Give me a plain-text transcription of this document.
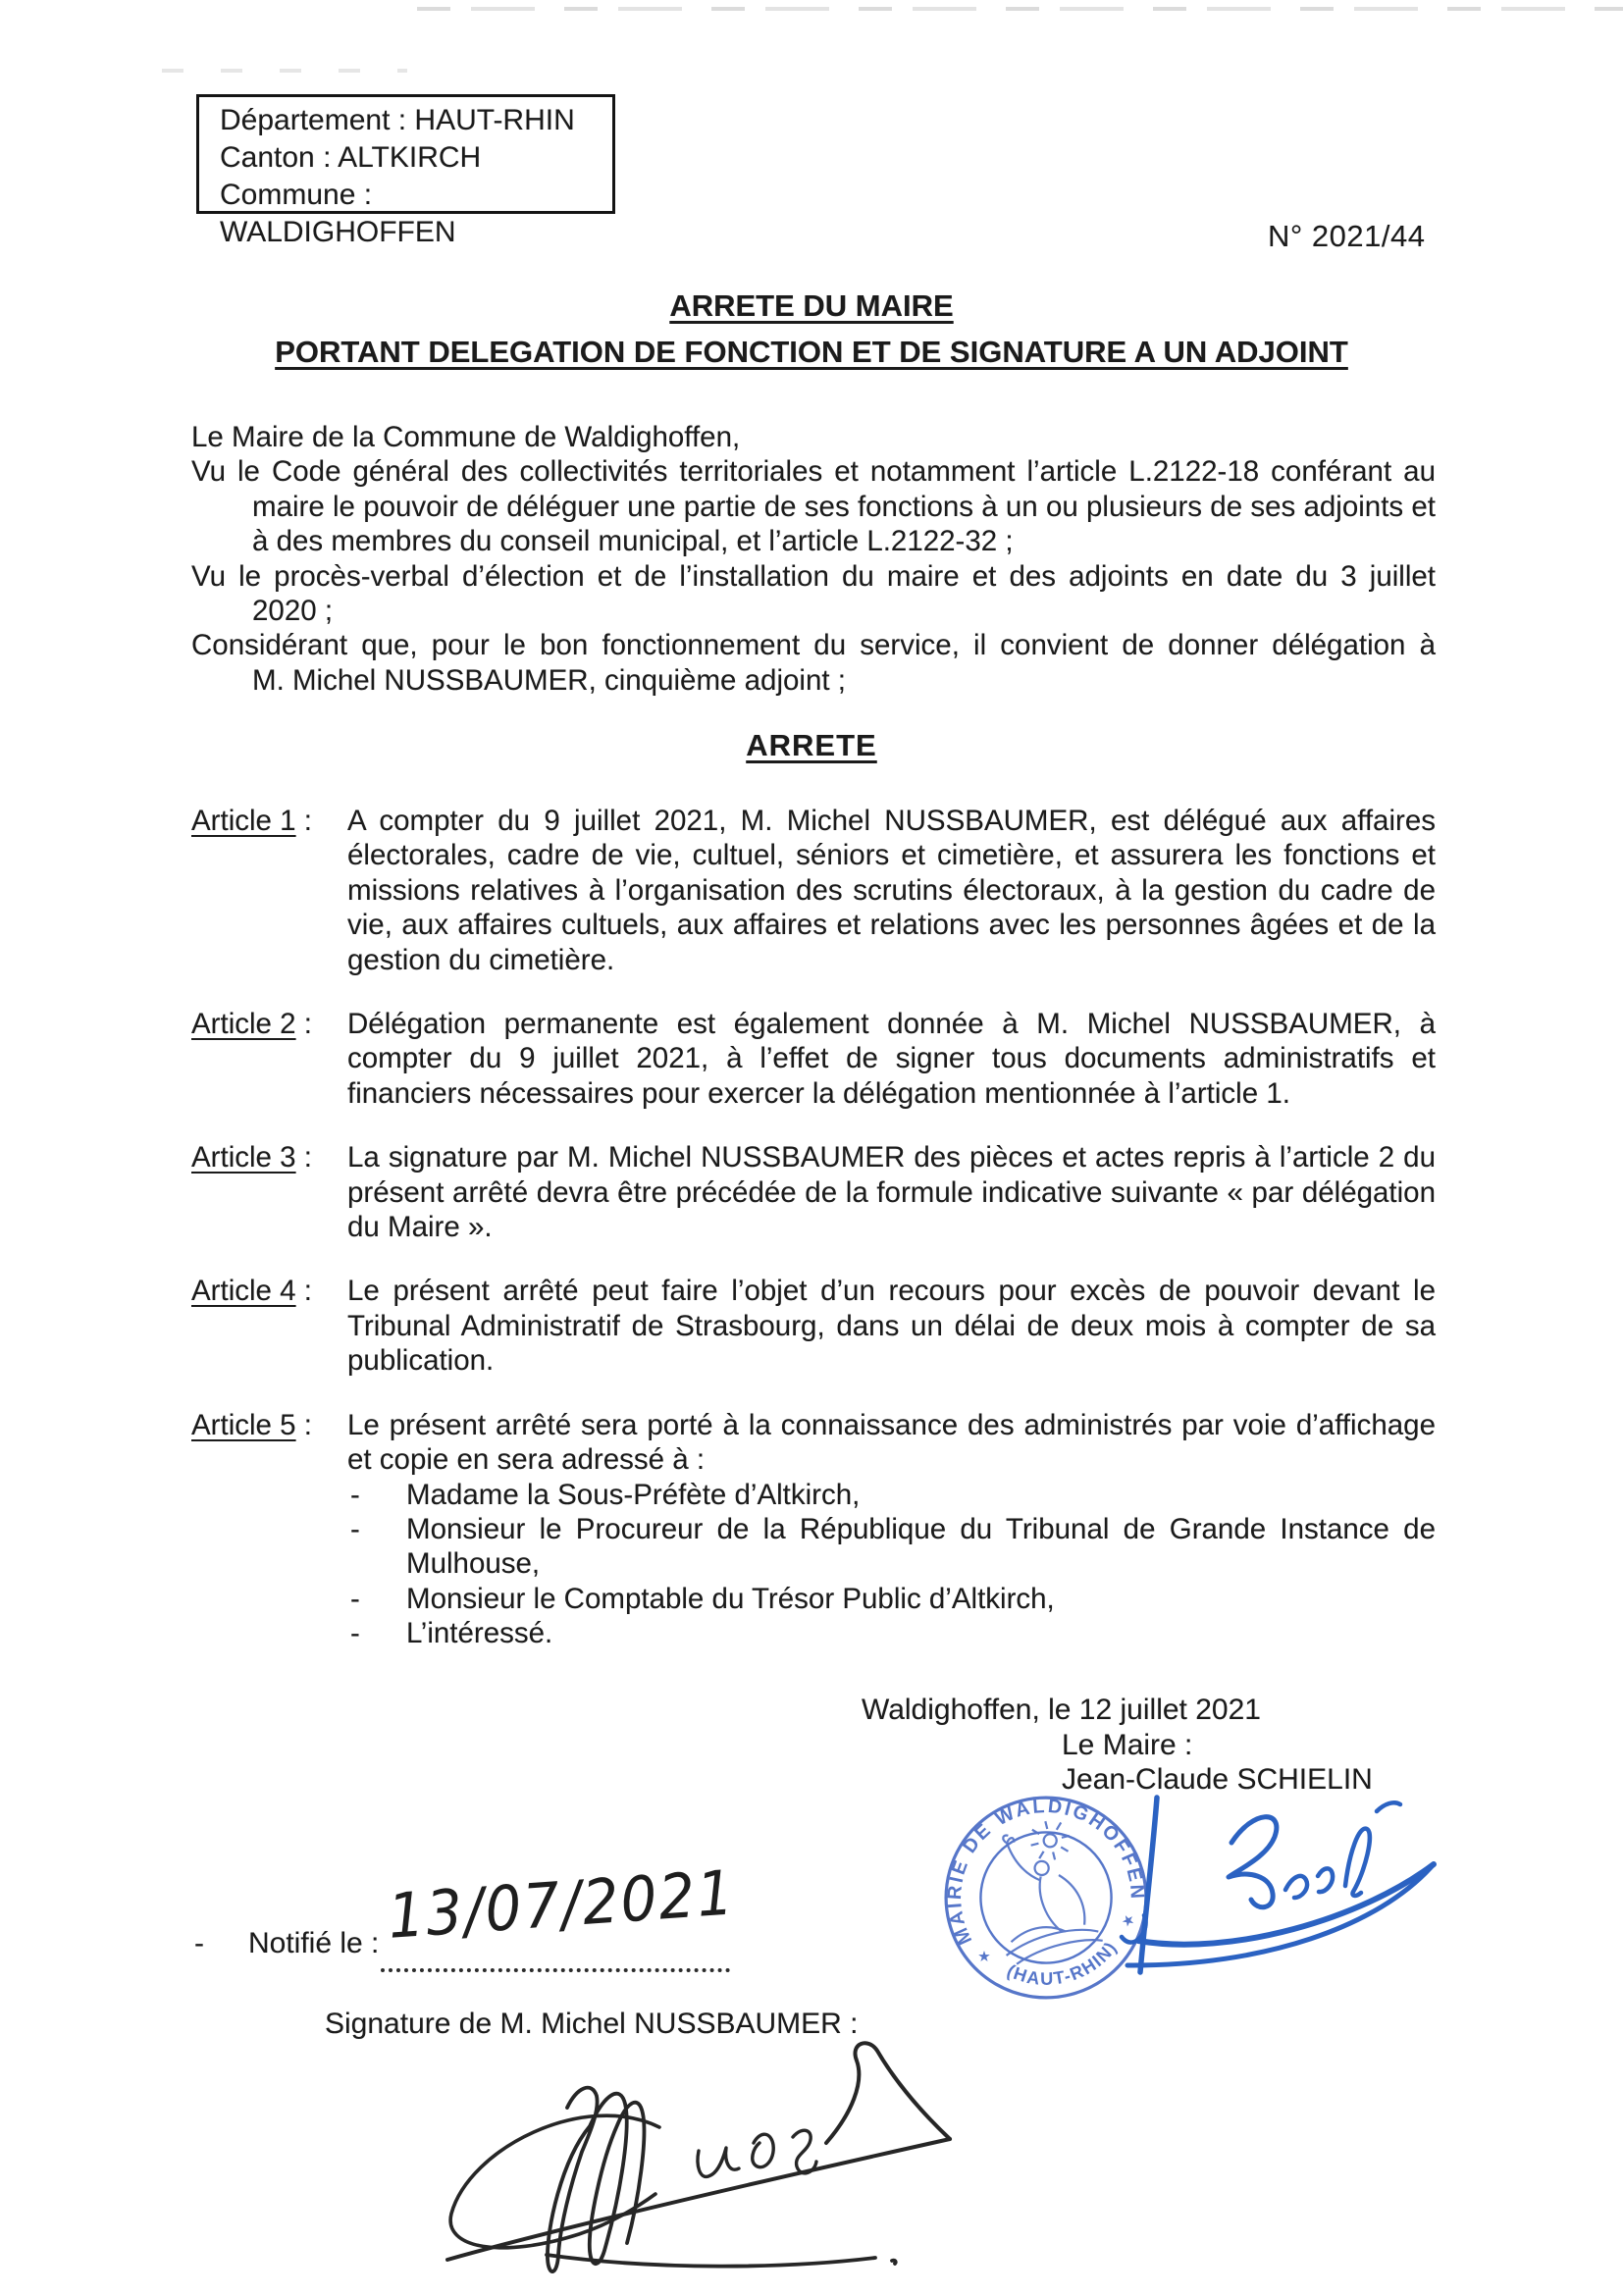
Département : HAUT-RHIN
Canton : ALTKIRCH
Commune : WALDIGHOFFEN	N° 2021/44
ARRETE DU MAIRE
PORTANT DELEGATION DE FONCTION ET DE SIGNATURE A UN ADJOINT

Le Maire de la Commune de Waldighoffen,

Vu le Code général des collectivités territoriales et notamment l’article L.2122-18 conférant au maire le pouvoir de déléguer une partie de ses fonctions à un ou plusieurs de ses adjoints et à des membres du conseil municipal, et l’article L.2122-32 ;

Vu le procès-verbal d’élection et de l’installation du maire et des adjoints en date du 3 juillet 2020 ;

Considérant que, pour le bon fonctionnement du service, il convient de donner délégation à M. Michel NUSSBAUMER, cinquième adjoint ;

ARRETE
Article 1 :	A compter du 9 juillet 2021, M. Michel NUSSBAUMER, est délégué aux affaires électorales, cadre de vie, cultuel, séniors et cimetière, et assurera les fonctions et missions relatives à l’organisation des scrutins électoraux, à la gestion du cadre de vie, aux affaires cultuels, aux affaires et relations avec les personnes âgées et de la gestion du cimetière.
Article 2 :	Délégation permanente est également donnée à M. Michel NUSSBAUMER, à compter du 9 juillet 2021, à l’effet de signer tous documents administratifs et financiers nécessaires pour exercer la délégation mentionnée à l’article 1.
Article 3 :	La signature par M. Michel NUSSBAUMER des pièces et actes repris à l’article 2 du présent arrêté devra être précédée de la formule indicative suivante « par délégation du Maire ».
Article 4 :	Le présent arrêté peut faire l’objet d’un recours pour excès de pouvoir devant le Tribunal Administratif de Strasbourg, dans un délai de deux mois à compter de sa publication.
Article 5 :	Le présent arrêté sera porté à la connaissance des administrés par voie d’affichage et copie en sera adressé à :
-	Madame la Sous-Préfète d’Altkirch,
-	Monsieur le Procureur de la République du Tribunal de Grande Instance de Mulhouse,
-	Monsieur le Comptable du Trésor Public d’Altkirch,
-	L’intéressé.
Waldighoffen, le 12 juillet 2021
Le Maire :
Jean-Claude SCHIELIN
MAIRIE DE WALDIGHOFFEN
(HAUT-RHIN)
★
★
- Notifié le : 13/07/2021
Signature de M. Michel NUSSBAUMER :
